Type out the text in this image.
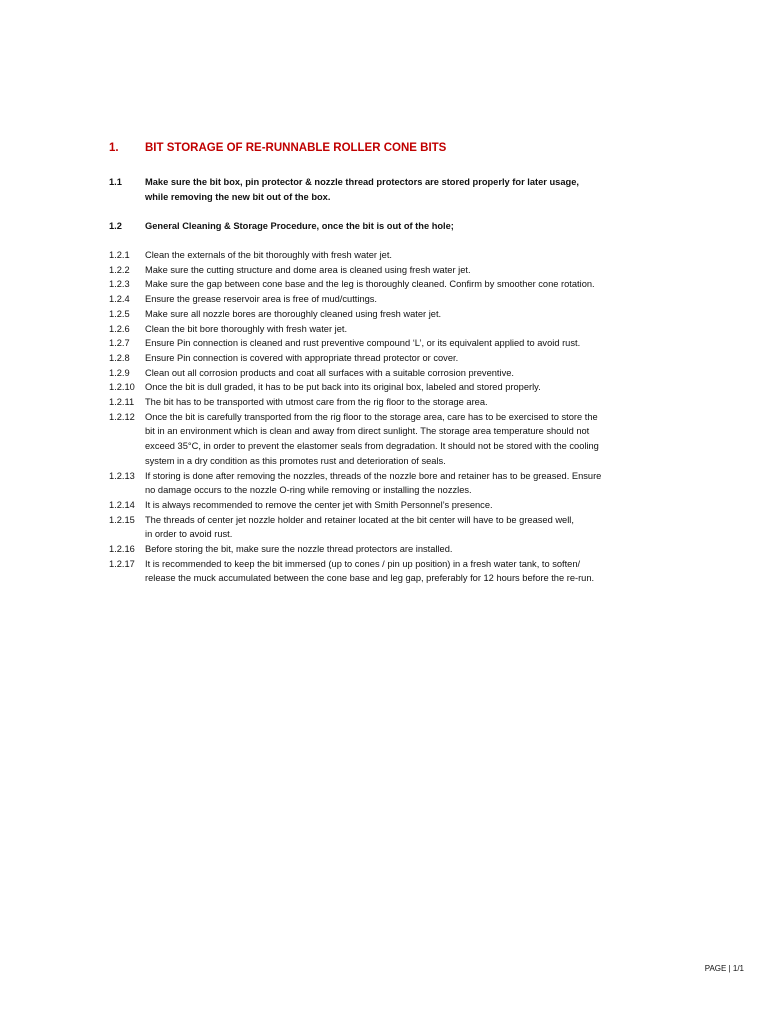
1. BIT STORAGE OF RE-RUNNABLE ROLLER CONE BITS
1.1 Make sure the bit box, pin protector & nozzle thread protectors are stored properly for later usage,
while removing the new bit out of the box.
1.2 General Cleaning & Storage Procedure, once the bit is out of the hole;
1.2.1 Clean the externals of the bit thoroughly with fresh water jet.
1.2.2 Make sure the cutting structure and dome area is cleaned using fresh water jet.
1.2.3 Make sure the gap between cone base and the leg is thoroughly cleaned. Confirm by smoother cone rotation.
1.2.4 Ensure the grease reservoir area is free of mud/cuttings.
1.2.5 Make sure all nozzle bores are thoroughly cleaned using fresh water jet.
1.2.6 Clean the bit bore thoroughly with fresh water jet.
1.2.7 Ensure Pin connection is cleaned and rust preventive compound ‘L’, or its equivalent applied to avoid rust.
1.2.8 Ensure Pin connection is covered with appropriate thread protector or cover.
1.2.9 Clean out all corrosion products and coat all surfaces with a suitable corrosion preventive.
1.2.10 Once the bit is dull graded, it has to be put back into its original box, labeled and stored properly.
1.2.11 The bit has to be transported with utmost care from the rig floor to the storage area.
1.2.12 Once the bit is carefully transported from the rig floor to the storage area, care has to be exercised to store the
bit in an environment which is clean and away from direct sunlight. The storage area temperature should not
exceed 35°C, in order to prevent the elastomer seals from degradation. It should not be stored with the cooling
system in a dry condition as this promotes rust and deterioration of seals.
1.2.13 If storing is done after removing the nozzles, threads of the nozzle bore and retainer has to be greased. Ensure
no damage occurs to the nozzle O-ring while removing or installing the nozzles.
1.2.14 It is always recommended to remove the center jet with Smith Personnel’s presence.
1.2.15 The threads of center jet nozzle holder and retainer located at the bit center will have to be greased well,
in order to avoid rust.
1.2.16 Before storing the bit, make sure the nozzle thread protectors are installed.
1.2.17 It is recommended to keep the bit immersed (up to cones / pin up position) in a fresh water tank, to soften/
release the muck accumulated between the cone base and leg gap, preferably for 12 hours before the re-run.
PAGE | 1/1
